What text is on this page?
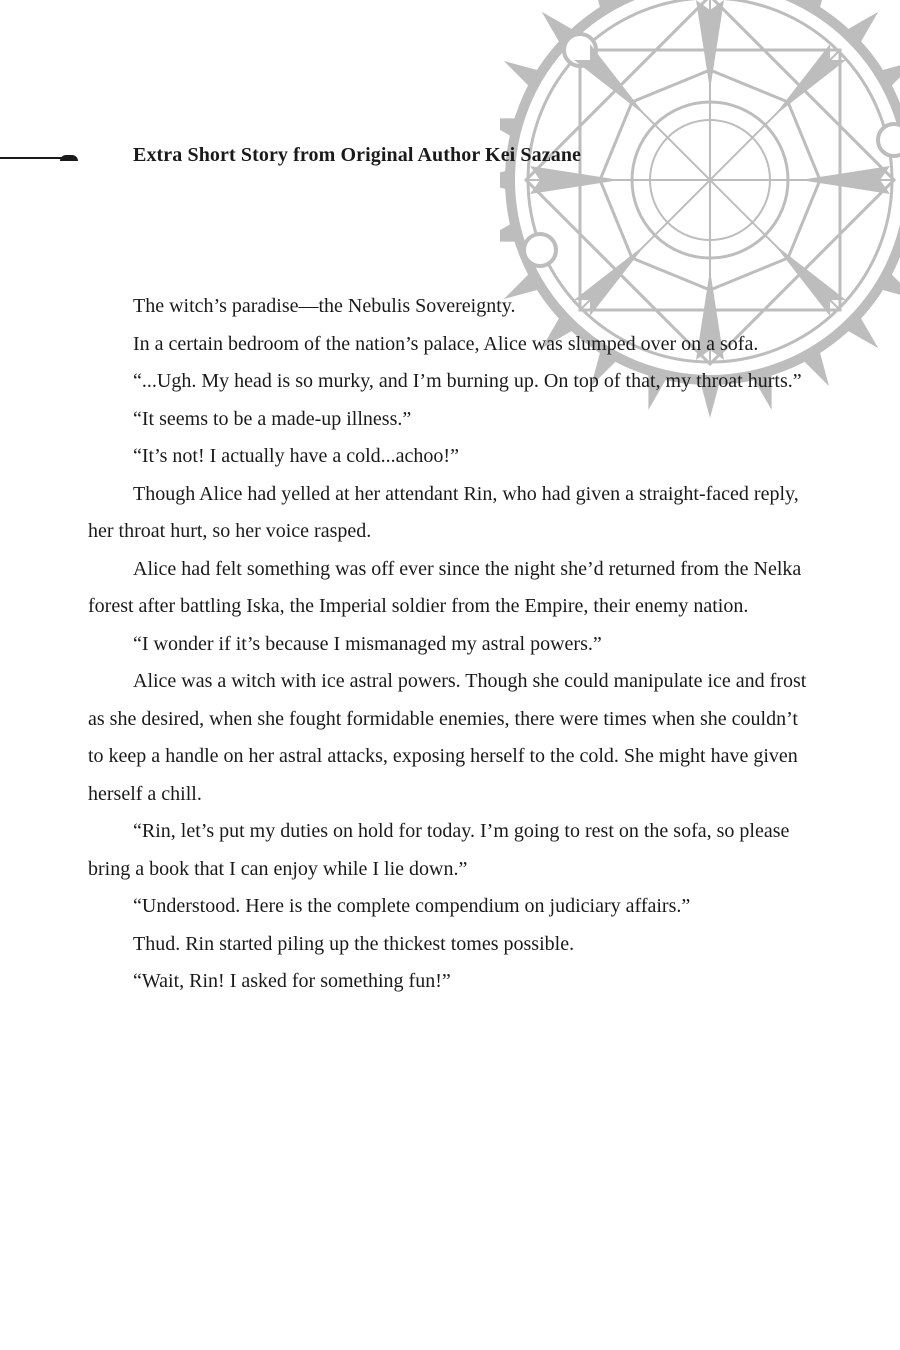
Extra Short Story from Original Author Kei Sazane

The witch’s paradise—the Nebulis Sovereignty.

In a certain bedroom of the nation’s palace, Alice was slumped over on a sofa.

“...Ugh. My head is so murky, and I’m burning up. On top of that, my throat hurts.”

“It seems to be a made-up illness.”

“It’s not! I actually have a cold...achoo!”

Though Alice had yelled at her attendant Rin, who had given a straight-faced reply, her throat hurt, so her voice rasped.

Alice had felt something was off ever since the night she’d returned from the Nelka forest after battling Iska, the Imperial soldier from the Empire, their enemy nation.

“I wonder if it’s because I mismanaged my astral powers.”

Alice was a witch with ice astral powers. Though she could manipulate ice and frost as she desired, when she fought formidable enemies, there were times when she couldn’t to keep a handle on her astral attacks, exposing herself to the cold. She might have given herself a chill.

“Rin, let’s put my duties on hold for today. I’m going to rest on the sofa, so please bring a book that I can enjoy while I lie down.”

“Understood. Here is the complete compendium on judiciary affairs.”

Thud. Rin started piling up the thickest tomes possible.

“Wait, Rin! I asked for something fun!”
